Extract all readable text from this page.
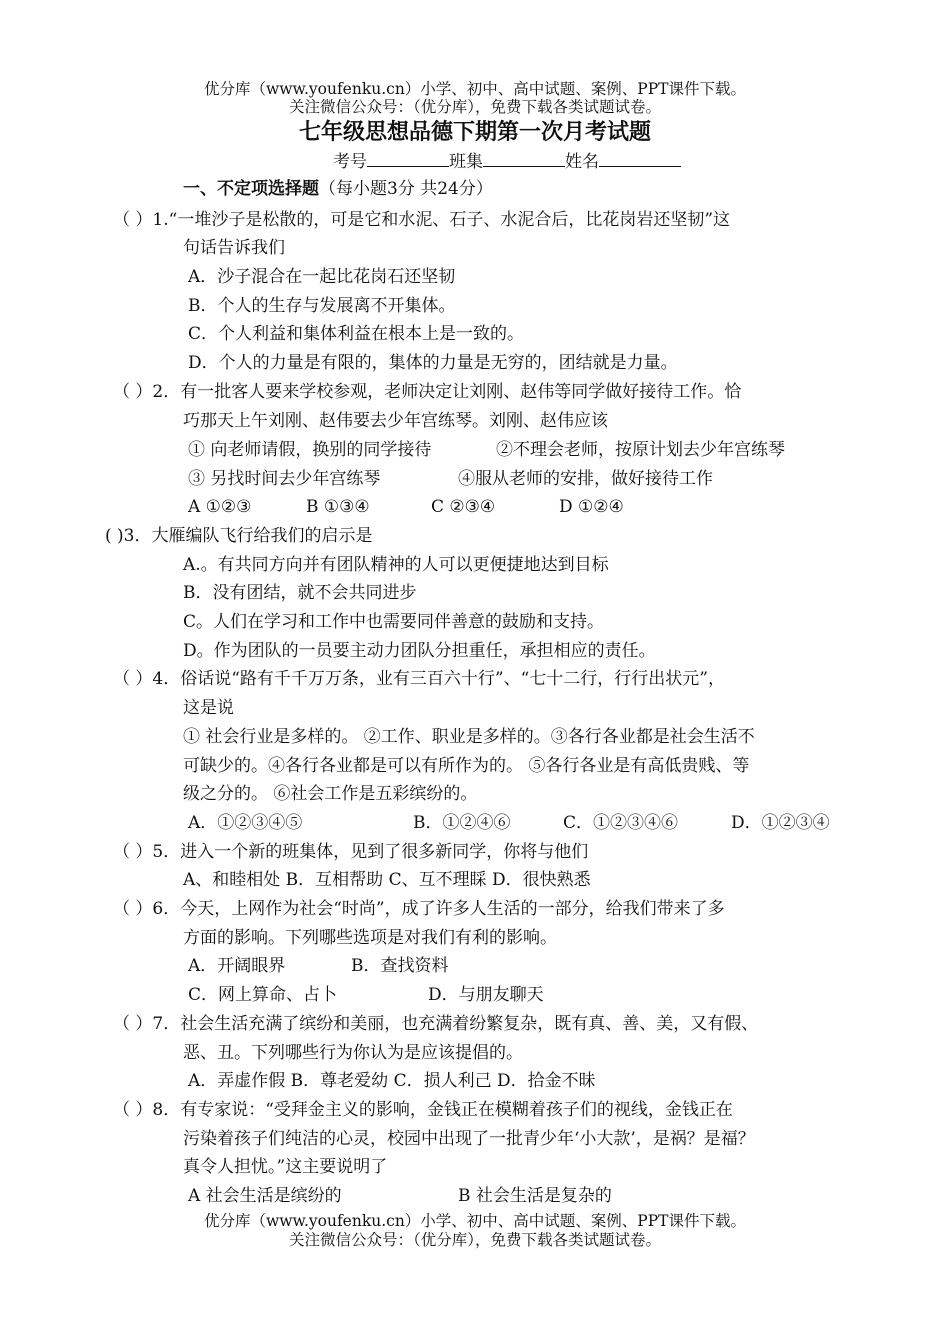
优分库（www.youfenku.cn）小学、初中、高中试题、案例、PPT课件下载。
关注微信公众号：（优分库），免费下载各类试题试卷。
七年级思想品德下期第一次月考试题
考号	班集	姓名
一、不定项选择题（每小题3分 共24分）
（ ）1.“一堆沙子是松散的，可是它和水泥、石子、水泥合后，比花岗岩还坚韧”这
句话告诉我们
A．沙子混合在一起比花岗石还坚韧
B．个人的生存与发展离不开集体。
C．个人利益和集体利益在根本上是一致的。
D．个人的力量是有限的，集体的力量是无穷的，团结就是力量。
（ ）2．有一批客人要来学校参观，老师决定让刘刚、赵伟等同学做好接待工作。恰
巧那天上午刘刚、赵伟要去少年宫练琴。刘刚、赵伟应该
① 向老师请假，换别的同学接待	②不理会老师，按原计划去少年宫练琴
③ 另找时间去少年宫练琴	④服从老师的安排，做好接待工作
A ①②③	B ①③④	C ②③④	D ①②④
( )3．大雁编队飞行给我们的启示是
A.。有共同方向并有团队精神的人可以更便捷地达到目标
B．没有团结，就不会共同进步
C。人们在学习和工作中也需要同伴善意的鼓励和支持。
D。作为团队的一员要主动力团队分担重任，承担相应的责任。
（ ）4．俗话说“路有千千万万条，业有三百六十行”、“七十二行，行行出状元”，
这是说
① 社会行业是多样的。 ②工作、职业是多样的。③各行各业都是社会生活不
可缺少的。④各行各业都是可以有所作为的。 ⑤各行各业是有高低贵贱、等
级之分的。 ⑥社会工作是五彩缤纷的。
A．①②③④⑤	B．①②④⑥	C．①②③④⑥	D．①②③④
（ ）5．进入一个新的班集体，见到了很多新同学，你将与他们
A、和睦相处 B．互相帮助 C、互不理睬 D．很快熟悉
（ ）6．今天，上网作为社会“时尚”，成了许多人生活的一部分，给我们带来了多
方面的影响。下列哪些选项是对我们有利的影响。
A．开阔眼界	B．查找资料
C．网上算命、占卜	D．与朋友聊天
（ ）7．社会生活充满了缤纷和美丽，也充满着纷繁复杂，既有真、善、美，又有假、
恶、丑。下列哪些行为你认为是应该提倡的。
A．弄虚作假 B．尊老爱幼 C．损人利己 D．拾金不昧
（ ）8．有专家说：“受拜金主义的影响，金钱正在模糊着孩子们的视线，金钱正在
污染着孩子们纯洁的心灵，校园中出现了一批青少年‘小大款’，是祸？是福？
真令人担忧。”这主要说明了
A 社会生活是缤纷的	B 社会生活是复杂的
优分库（www.youfenku.cn）小学、初中、高中试题、案例、PPT课件下载。
关注微信公众号：（优分库），免费下载各类试题试卷。
